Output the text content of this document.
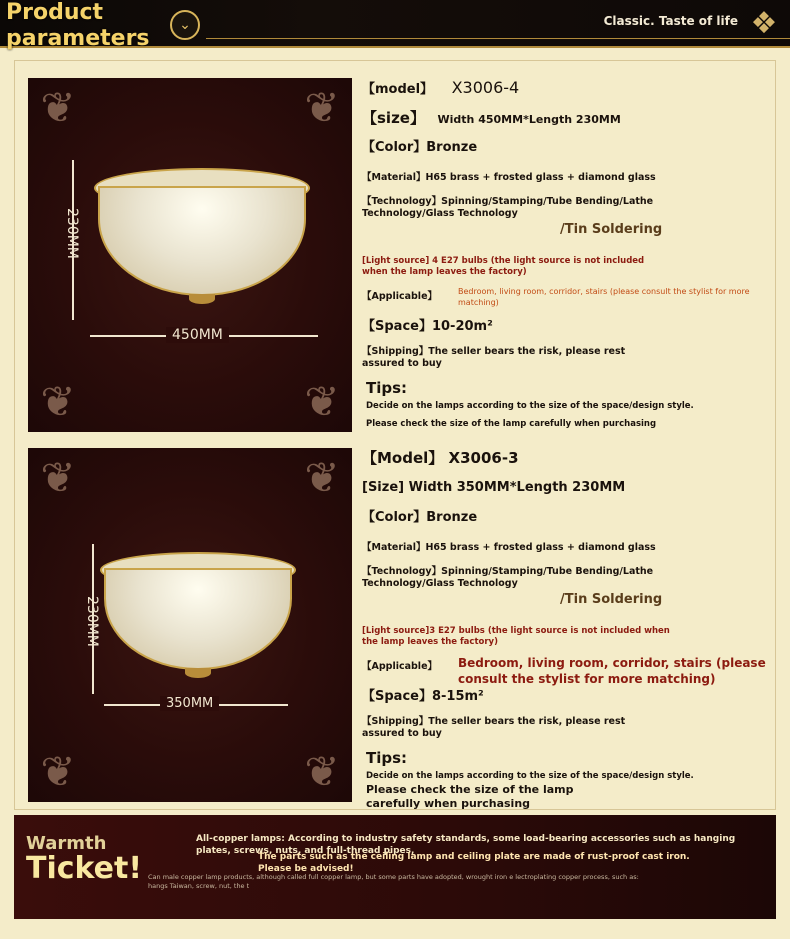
Product
parameters
⌄	Classic. Taste of life ❖
❦	❦
❦	❦
230MM
450MM
【model】 X3006-4
【size】 Width 450MM*Length 230MM
【Color】Bronze
【Material】H65 brass + frosted glass + diamond glass
【Technology】Spinning/Stamping/Tube Bending/Lathe Technology/Glass Technology
/Tin Soldering
[Light source] 4 E27 bulbs (the light source is not included when the lamp leaves the factory)
【Applicable】	Bedroom, living room, corridor, stairs (please consult the stylist for more matching)
【Space】10-20m²
【Shipping】The seller bears the risk, please rest assured to buy
Tips:
Decide on the lamps according to the size of the space/design style.
Please check the size of the lamp carefully when purchasing
❦	❦
❦	❦
230MM
350MM
【Model】 X3006-3
[Size] Width 350MM*Length 230MM
【Color】Bronze
【Material】H65 brass + frosted glass + diamond glass
【Technology】Spinning/Stamping/Tube Bending/Lathe Technology/Glass Technology
/Tin Soldering
[Light source]3 E27 bulbs (the light source is not included when the lamp leaves the factory)
【Applicable】	Bedroom, living room, corridor, stairs (please consult the stylist for more matching)
【Space】8-15m²
【Shipping】The seller bears the risk, please rest assured to buy
Tips:
Decide on the lamps according to the size of the space/design style.
Please check the size of the lamp carefully when purchasing
Warmth
Ticket!
All-copper lamps: According to industry safety standards, some load-bearing accessories such as hanging plates, screws, nuts, and full-thread pipes,
The parts such as the ceiling lamp and ceiling plate are made of rust-proof cast iron. Please be advised!
Can male copper lamp products, although called full copper lamp, but some parts have adopted, wrought iron e lectroplating copper process, such as: hangs Taiwan, screw, nut, the t
